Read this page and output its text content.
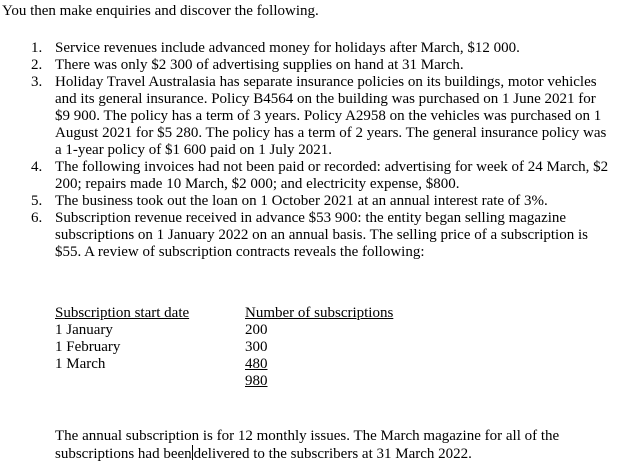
You then make enquiries and discover the following.
1. Service revenues include advanced money for holidays after March, $12 000.
2. There was only $2 300 of advertising supplies on hand at 31 March.
3. Holiday Travel Australasia has separate insurance policies on its buildings, motor vehicles and its general insurance. Policy B4564 on the building was purchased on 1 June 2021 for $9 900. The policy has a term of 3 years. Policy A2958 on the vehicles was purchased on 1 August 2021 for $5 280. The policy has a term of 2 years. The general insurance policy was a 1-year policy of $1 600 paid on 1 July 2021.
4. The following invoices had not been paid or recorded: advertising for week of 24 March, $2 200; repairs made 10 March, $2 000; and electricity expense, $800.
5. The business took out the loan on 1 October 2021 at an annual interest rate of 3%.
6. Subscription revenue received in advance $53 900: the entity began selling magazine subscriptions on 1 January 2022 on an annual basis. The selling price of a subscription is $55. A review of subscription contracts reveals the following:
Subscription start date
1 January
1 February
1 March
Number of subscriptions
200
300
480
980
The annual subscription is for 12 monthly issues. The March magazine for all of the subscriptions had been delivered to the subscribers at 31 March 2022.
